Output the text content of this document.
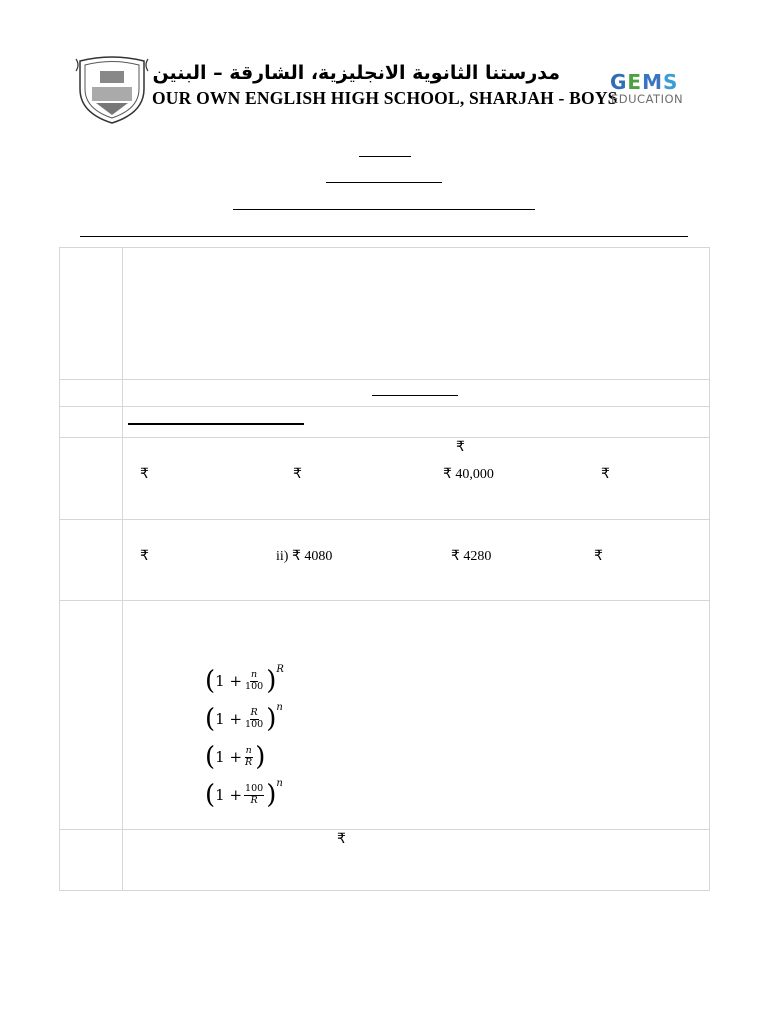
مدرستنا الثانوية الانجليزية، الشارقة – البنين
OUR OWN ENGLISH HIGH SCHOOL, SHARJAH - BOYS
GEMS
EDUCATION
₹
₹	₹	₹ 40,000	₹
₹	ii) ₹ 4080	₹ 4280	₹
( $1 + \frac{n}{100}$ ) R
( $1 + \frac{R}{100}$ ) n
( $1 + \frac{n}{R}$ )
( $1 + \frac{100}{R}$ ) n
₹
